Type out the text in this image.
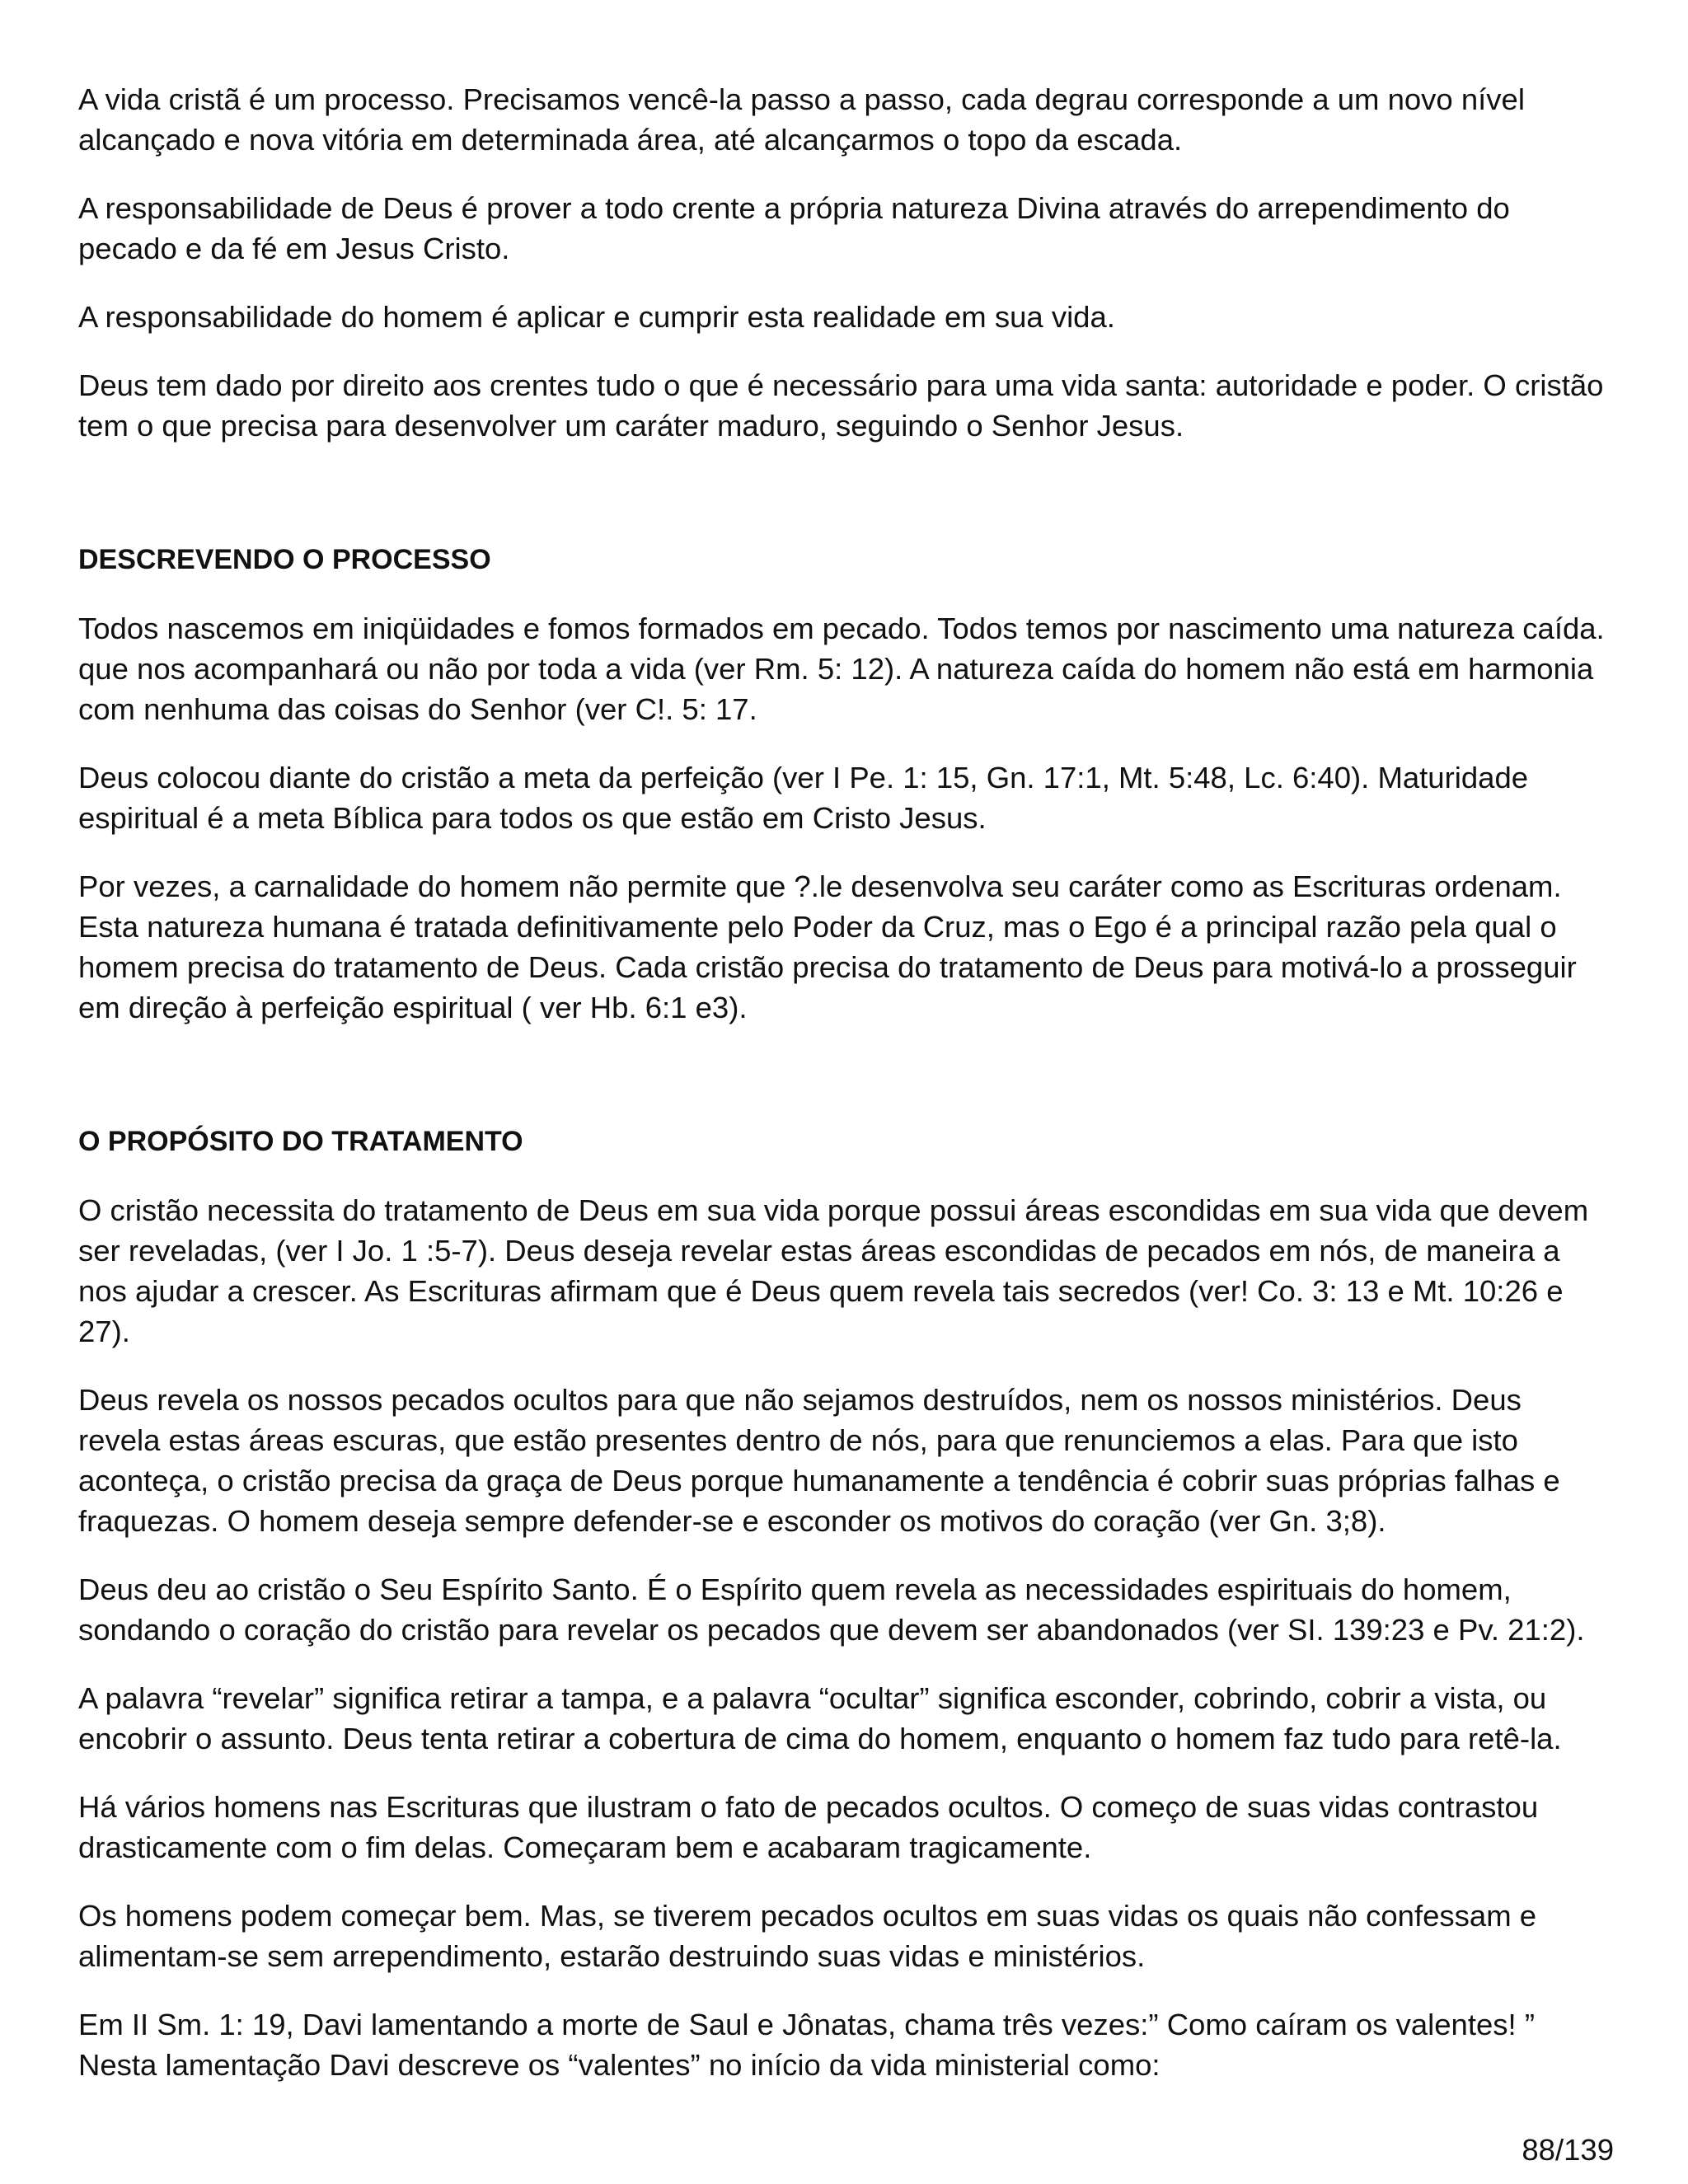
A vida cristã é um processo. Precisamos vencê-la passo a passo, cada degrau corresponde a um novo nível alcançado e nova vitória em determinada área, até alcançarmos o topo da escada.

A responsabilidade de Deus é prover a todo crente a própria natureza Divina através do arrependimento do pecado e da fé em Jesus Cristo.

A responsabilidade do homem é aplicar e cumprir esta realidade em sua vida.

Deus tem dado por direito aos crentes tudo o que é necessário para uma vida santa: autoridade e poder. O cristão tem o que precisa para desenvolver um caráter maduro, seguindo o Senhor Jesus.

DESCREVENDO O PROCESSO

Todos nascemos em iniqüidades e fomos formados em pecado. Todos temos por nascimento uma natureza caída. que nos acompanhará ou não por toda a vida (ver Rm. 5: 12). A natureza caída do homem não está em harmonia com nenhuma das coisas do Senhor (ver C!. 5: 17.

Deus colocou diante do cristão a meta da perfeição (ver I Pe. 1: 15, Gn. 17:1, Mt. 5:48, Lc. 6:40). Maturidade espiritual é a meta Bíblica para todos os que estão em Cristo Jesus.

Por vezes, a carnalidade do homem não permite que ?.le desenvolva seu caráter como as Escrituras ordenam. Esta natureza humana é tratada definitivamente pelo Poder da Cruz, mas o Ego é a principal razão pela qual o homem precisa do tratamento de Deus. Cada cristão precisa do tratamento de Deus para motivá-lo a prosseguir em direção à perfeição espiritual ( ver Hb. 6:1 e3).

O PROPÓSITO DO TRATAMENTO

O cristão necessita do tratamento de Deus em sua vida porque possui áreas escondidas em sua vida que devem ser reveladas, (ver I Jo. 1 :5-7). Deus deseja revelar estas áreas escondidas de pecados em nós, de maneira a nos ajudar a crescer. As Escrituras afirmam que é Deus quem revela tais secredos (ver! Co. 3: 13 e Mt. 10:26 e 27).

Deus revela os nossos pecados ocultos para que não sejamos destruídos, nem os nossos ministérios. Deus revela estas áreas escuras, que estão presentes dentro de nós, para que renunciemos a elas. Para que isto aconteça, o cristão precisa da graça de Deus porque humanamente a tendência é cobrir suas próprias falhas e fraquezas. O homem deseja sempre defender-se e esconder os motivos do coração (ver Gn. 3;8).

Deus deu ao cristão o Seu Espírito Santo. É o Espírito quem revela as necessidades espirituais do homem, sondando o coração do cristão para revelar os pecados que devem ser abandonados (ver SI. 139:23 e Pv. 21:2).

A palavra “revelar” significa retirar a tampa, e a palavra “ocultar” significa esconder, cobrindo, cobrir a vista, ou encobrir o assunto. Deus tenta retirar a cobertura de cima do homem, enquanto o homem faz tudo para retê-la.

Há vários homens nas Escrituras que ilustram o fato de pecados ocultos. O começo de suas vidas contrastou drasticamente com o fim delas. Começaram bem e acabaram tragicamente.

Os homens podem começar bem. Mas, se tiverem pecados ocultos em suas vidas os quais não confessam e alimentam-se sem arrependimento, estarão destruindo suas vidas e ministérios.

Em II Sm. 1: 19, Davi lamentando a morte de Saul e Jônatas, chama três vezes:” Como caíram os valentes! ” Nesta lamentação Davi descreve os “valentes” no início da vida ministerial como:

88/139
